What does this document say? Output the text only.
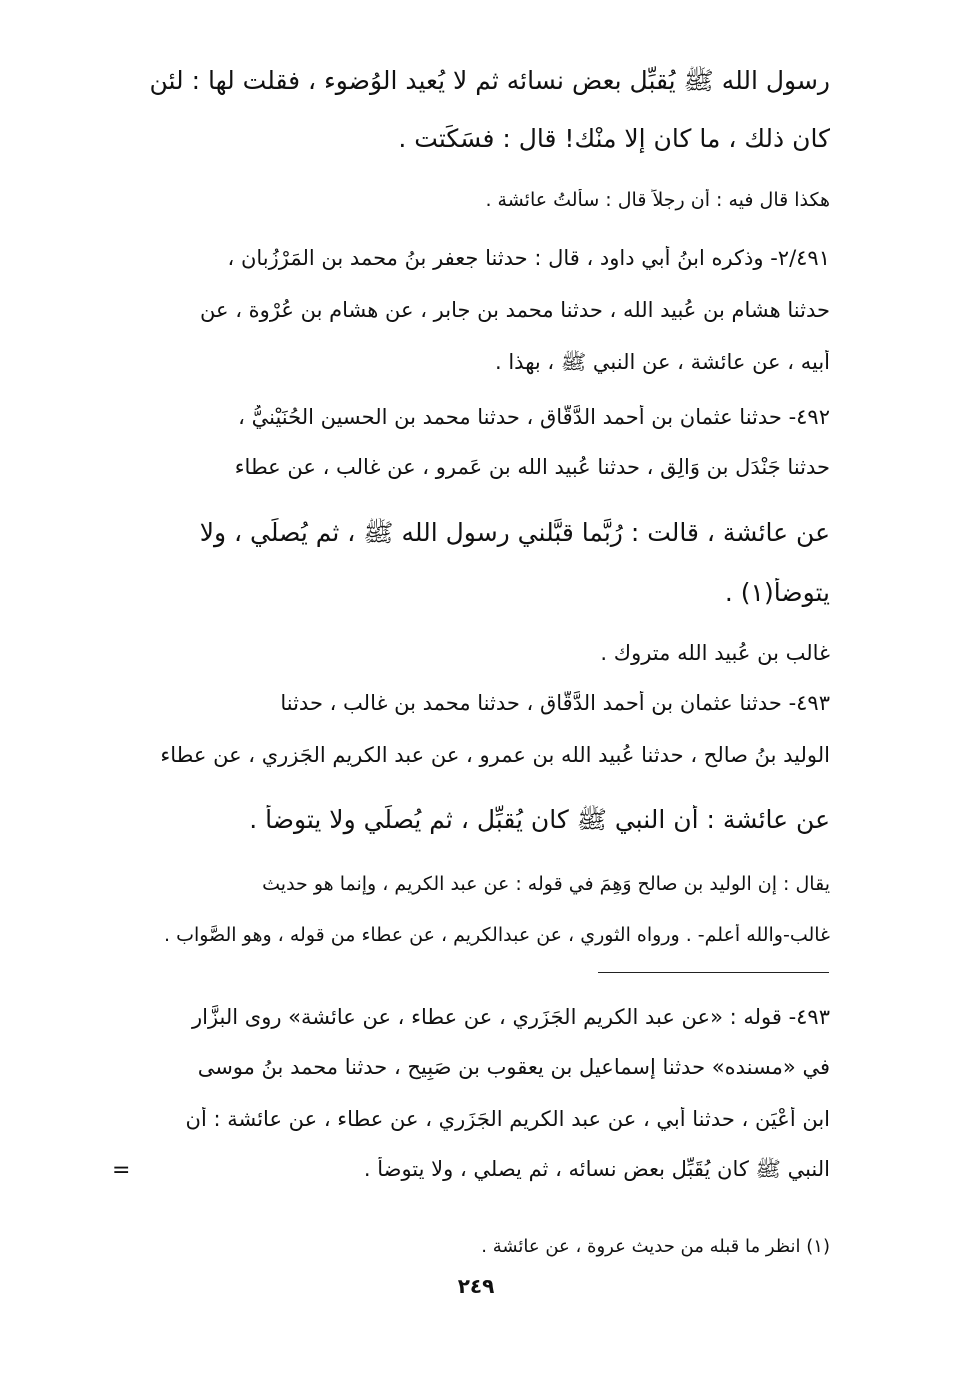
رسول الله ﷺ يُقبِّل بعض نسائه ثم لا يُعيد الوُضوء ، فقلت لها : لئن
كان ذلك ، ما كان إلا منْك! قال : فسَكَتت .
هكذا قال فيه : أن رجلاً قال : سألتُ عائشة .
٢/٤٩١- وذكره ابنُ أبي داود ، قال : حدثنا جعفر بنُ محمد بن المَرْزُبان ،
حدثنا هشام بن عُبيد الله ، حدثنا محمد بن جابر ، عن هشام بن عُرْوة ، عن
أبيه ، عن عائشة ، عن النبي ﷺ ، بهذا .
٤٩٢- حدثنا عثمان بن أحمد الدَّقَّاق ، حدثنا محمد بن الحسين الحُنَيْنيُّ ،
حدثنا جَنْدَل بن وَالِق ، حدثنا عُبيد الله بن عَمرو ، عن غالب ، عن عطاء
عن عائشة ، قالت : رُبَّما قبَّلني رسول الله ﷺ ، ثم يُصلِّي ، ولا
يتوضأ(١) .
غالب بن عُبيد الله متروك .
٤٩٣- حدثنا عثمان بن أحمد الدَّقَّاق ، حدثنا محمد بن غالب ، حدثنا
الوليد بنُ صالح ، حدثنا عُبيد الله بن عمرو ، عن عبد الكريم الجَزري ، عن عطاء
عن عائشة : أن النبي ﷺ كان يُقبِّل ، ثم يُصلِّي ولا يتوضأُ .
يقال : إن الوليد بن صالح وَهِمَ في قوله : عن عبد الكريم ، وإنما هو حديث
غالب-والله أعلم- . ورواه الثوري ، عن عبدالكريم ، عن عطاء من قوله ، وهو الصَّواب .
٤٩٣- قوله : «عن عبد الكريم الجَزَري ، عن عطاء ، عن عائشة» روى البزَّار
في «مسنده» حدثنا إسماعيل بن يعقوب بن صَبِيح ، حدثنا محمد بنُ موسى
ابن أعْيَن ، حدثنا أبي ، عن عبد الكريم الجَزَري ، عن عطاء ، عن عائشة : أن
النبي ﷺ كان يُقَبِّل بعض نسائه ، ثم يصلي ، ولا يتوضأ .
=
(١) انظر ما قبله من حديث عروة ، عن عائشة .
٢٤٩
